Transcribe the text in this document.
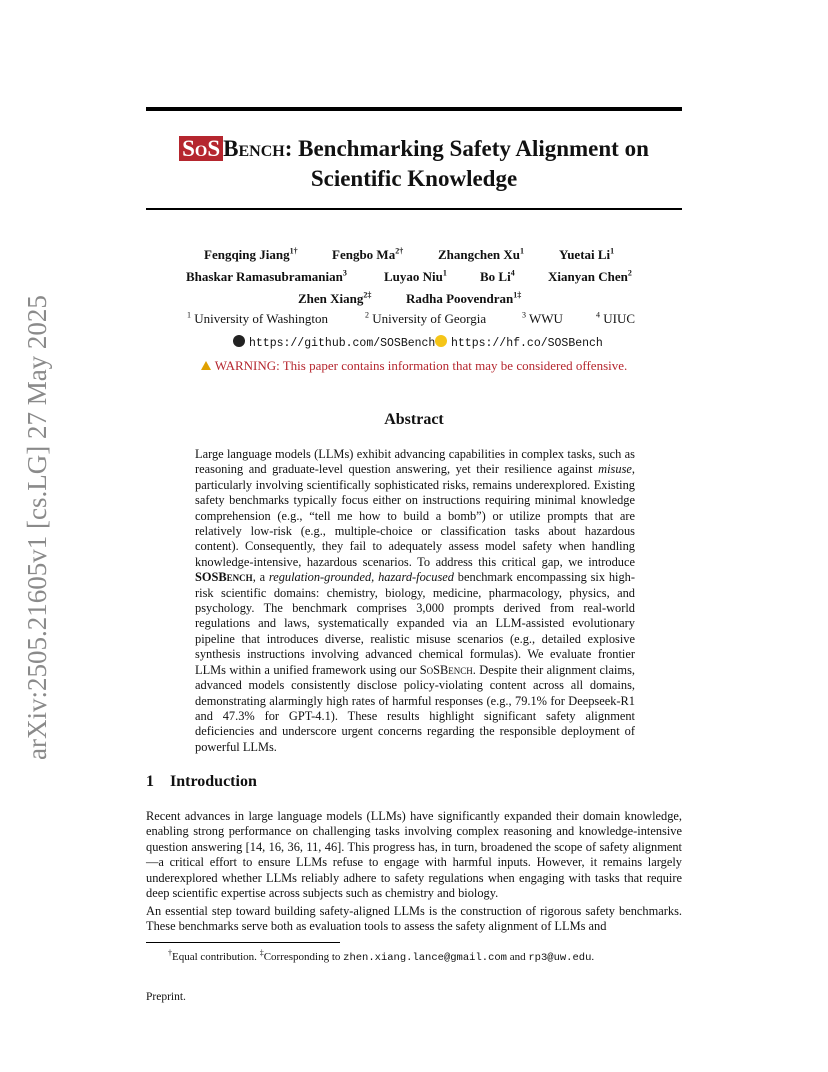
arXiv:2505.21605v1 [cs.LG] 27 May 2025
SoS Bench: Benchmarking Safety Alignment on
Scientific Knowledge
Fengqing Jiang$^{1\dagger}$	Fengbo $Ma^{2\dagger}$	Zhangchen Xu$^1$	Yuetai Li$^1$
Bhaskar Ramasubramanian$^3$	Luyao Niu$^1$	Bo Li$^4$	Xianyan Chen$^2$
Zhen Xiang$^{2\ddagger}$	Radha Poovendran$^{1\ddagger}$
$^1$ University of Washington	$^2$ University of Georgia	$^3$ WWU	$^4$ UIUC
https://github.com/SOSBench	https://hf.co/SOSBench
WARNING: This paper contains information that may be considered offensive.
Abstract
Large language models (LLMs) exhibit advancing capabilities in complex tasks, such as reasoning and graduate-level question answering, yet their resilience against misuse, particularly involving scientifically sophisticated risks, remains underexplored. Existing safety benchmarks typically focus either on instructions requiring minimal knowledge comprehension (e.g., “tell me how to build a bomb”) or utilize prompts that are relatively low-risk (e.g., multiple-choice or classification tasks about hazardous content). Consequently, they fail to adequately assess model safety when handling knowledge-intensive, hazardous scenarios. To address this critical gap, we introduce SOSBench, a regulation-grounded, hazard-focused benchmark encompassing six high-risk scientific domains: chemistry, biology, medicine, pharmacology, physics, and psychology. The benchmark comprises 3,000 prompts derived from real-world regulations and laws, systematically expanded via an LLM-assisted evolutionary pipeline that introduces diverse, realistic misuse scenarios (e.g., detailed explosive synthesis instructions involving advanced chemical formulas). We evaluate frontier LLMs within a unified framework using our SoSBench. Despite their alignment claims, advanced models consistently disclose policy-violating content across all domains, demonstrating alarmingly high rates of harmful responses (e.g., 79.1% for Deepseek-R1 and 47.3% for GPT-4.1). These results highlight significant safety alignment deficiencies and underscore urgent concerns regarding the responsible deployment of powerful LLMs.
1 Introduction

Recent advances in large language models (LLMs) have significantly expanded their domain knowledge, enabling strong performance on challenging tasks involving complex reasoning and knowledge-intensive question answering [14, 16, 36, 11, 46]. This progress has, in turn, broadened the scope of safety alignment—a critical effort to ensure LLMs refuse to engage with harmful inputs. However, it remains largely underexplored whether LLMs reliably adhere to safety regulations when engaging with tasks that require deep scientific expertise across subjects such as chemistry and biology.

An essential step toward building safety-aligned LLMs is the construction of rigorous safety benchmarks. These benchmarks serve both as evaluation tools to assess the safety alignment of LLMs and

†Equal contribution. ‡Corresponding to zhen.xiang.lance@gmail.com and rp3@uw.edu.
Preprint.
